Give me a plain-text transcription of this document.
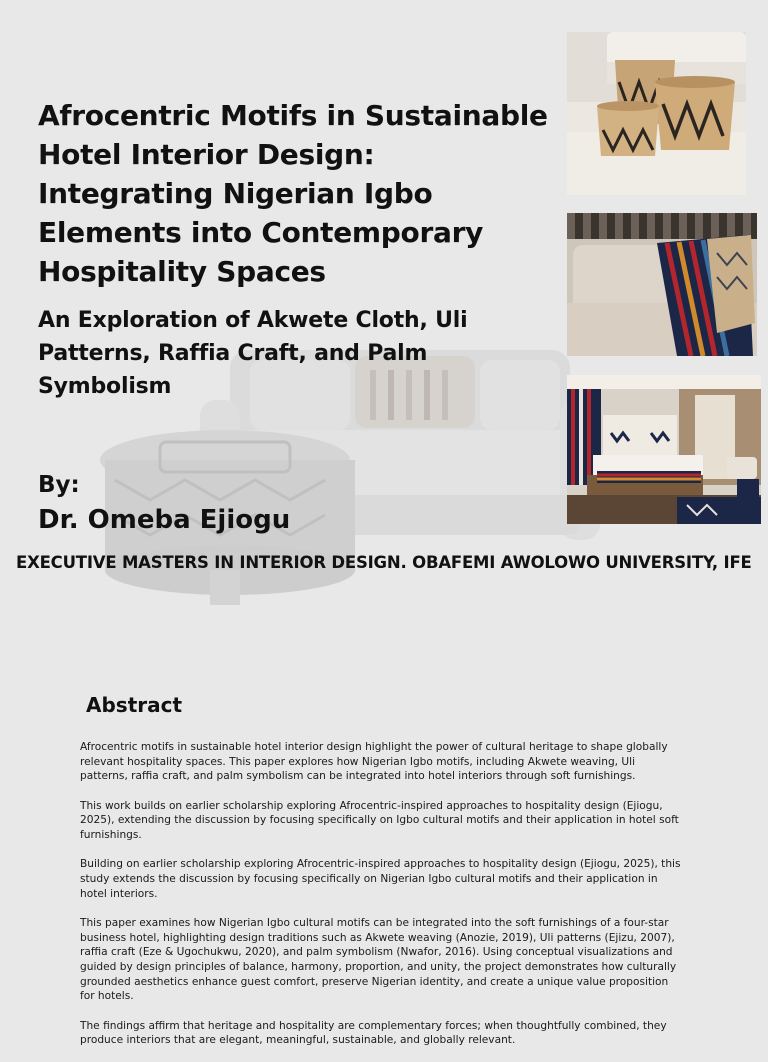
Afrocentric Motifs in Sustainable Hotel Interior Design: Integrating Nigerian Igbo Elements into Contemporary Hospitality Spaces
An Exploration of Akwete Cloth, Uli Patterns, Raffia Craft, and Palm Symbolism

By:

Dr. Omeba Ejiogu

EXECUTIVE MASTERS IN INTERIOR DESIGN. OBAFEMI AWOLOWO UNIVERSITY, IFE

Abstract

Afrocentric motifs in sustainable hotel interior design highlight the power of cultural heritage to shape globally relevant hospitality spaces. This paper explores how Nigerian Igbo motifs, including Akwete weaving, Uli patterns, raffia craft, and palm symbolism can be integrated into hotel interiors through soft furnishings.

This work builds on earlier scholarship exploring Afrocentric-inspired approaches to hospitality design (Ejiogu, 2025), extending the discussion by focusing specifically on Igbo cultural motifs and their application in hotel soft furnishings.

Building on earlier scholarship exploring Afrocentric-inspired approaches to hospitality design (Ejiogu, 2025), this study extends the discussion by focusing specifically on Nigerian Igbo cultural motifs and their application in hotel interiors.

This paper examines how Nigerian Igbo cultural motifs can be integrated into the soft furnishings of a four-star business hotel, highlighting design traditions such as Akwete weaving (Anozie, 2019), Uli patterns (Ejizu, 2007), raffia craft (Eze & Ugochukwu, 2020), and palm symbolism (Nwafor, 2016). Using conceptual visualizations and guided by design principles of balance, harmony, proportion, and unity, the project demonstrates how culturally grounded aesthetics enhance guest comfort, preserve Nigerian identity, and create a unique value proposition for hotels.

The findings affirm that heritage and hospitality are complementary forces; when thoughtfully combined, they produce interiors that are elegant, meaningful, sustainable, and globally relevant.
